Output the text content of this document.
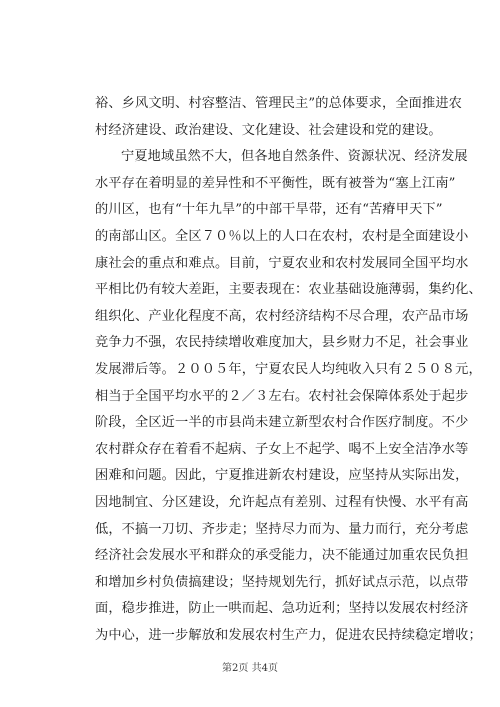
裕、乡风文明、村容整洁、管理民主”的总体要求，全面推进农
村经济建设、政治建设、文化建设、社会建设和党的建设。
宁夏地域虽然不大，但各地自然条件、资源状况、经济发展
水平存在着明显的差异性和不平衡性，既有被誉为“塞上江南”
的川区，也有“十年九旱”的中部干旱带，还有“苦瘠甲天下”
的南部山区。全区７０％以上的人口在农村，农村是全面建设小
康社会的重点和难点。目前，宁夏农业和农村发展同全国平均水
平相比仍有较大差距，主要表现在：农业基础设施薄弱，集约化、
组织化、产业化程度不高，农村经济结构不尽合理，农产品市场
竞争力不强，农民持续增收难度加大，县乡财力不足，社会事业
发展滞后等。２００５年，宁夏农民人均纯收入只有２５０８元，
相当于全国平均水平的２／３左右。农村社会保障体系处于起步
阶段，全区近一半的市县尚未建立新型农村合作医疗制度。不少
农村群众存在着看不起病、子女上不起学、喝不上安全洁净水等
困难和问题。因此，宁夏推进新农村建设，应坚持从实际出发，
因地制宜、分区建设，允许起点有差别、过程有快慢、水平有高
低，不搞一刀切、齐步走；坚持尽力而为、量力而行，充分考虑
经济社会发展水平和群众的承受能力，决不能通过加重农民负担
和增加乡村负债搞建设；坚持规划先行，抓好试点示范，以点带
面，稳步推进，防止一哄而起、急功近利；坚持以发展农村经济
为中心，进一步解放和发展农村生产力，促进农民持续稳定增收；
第2页 共4页
